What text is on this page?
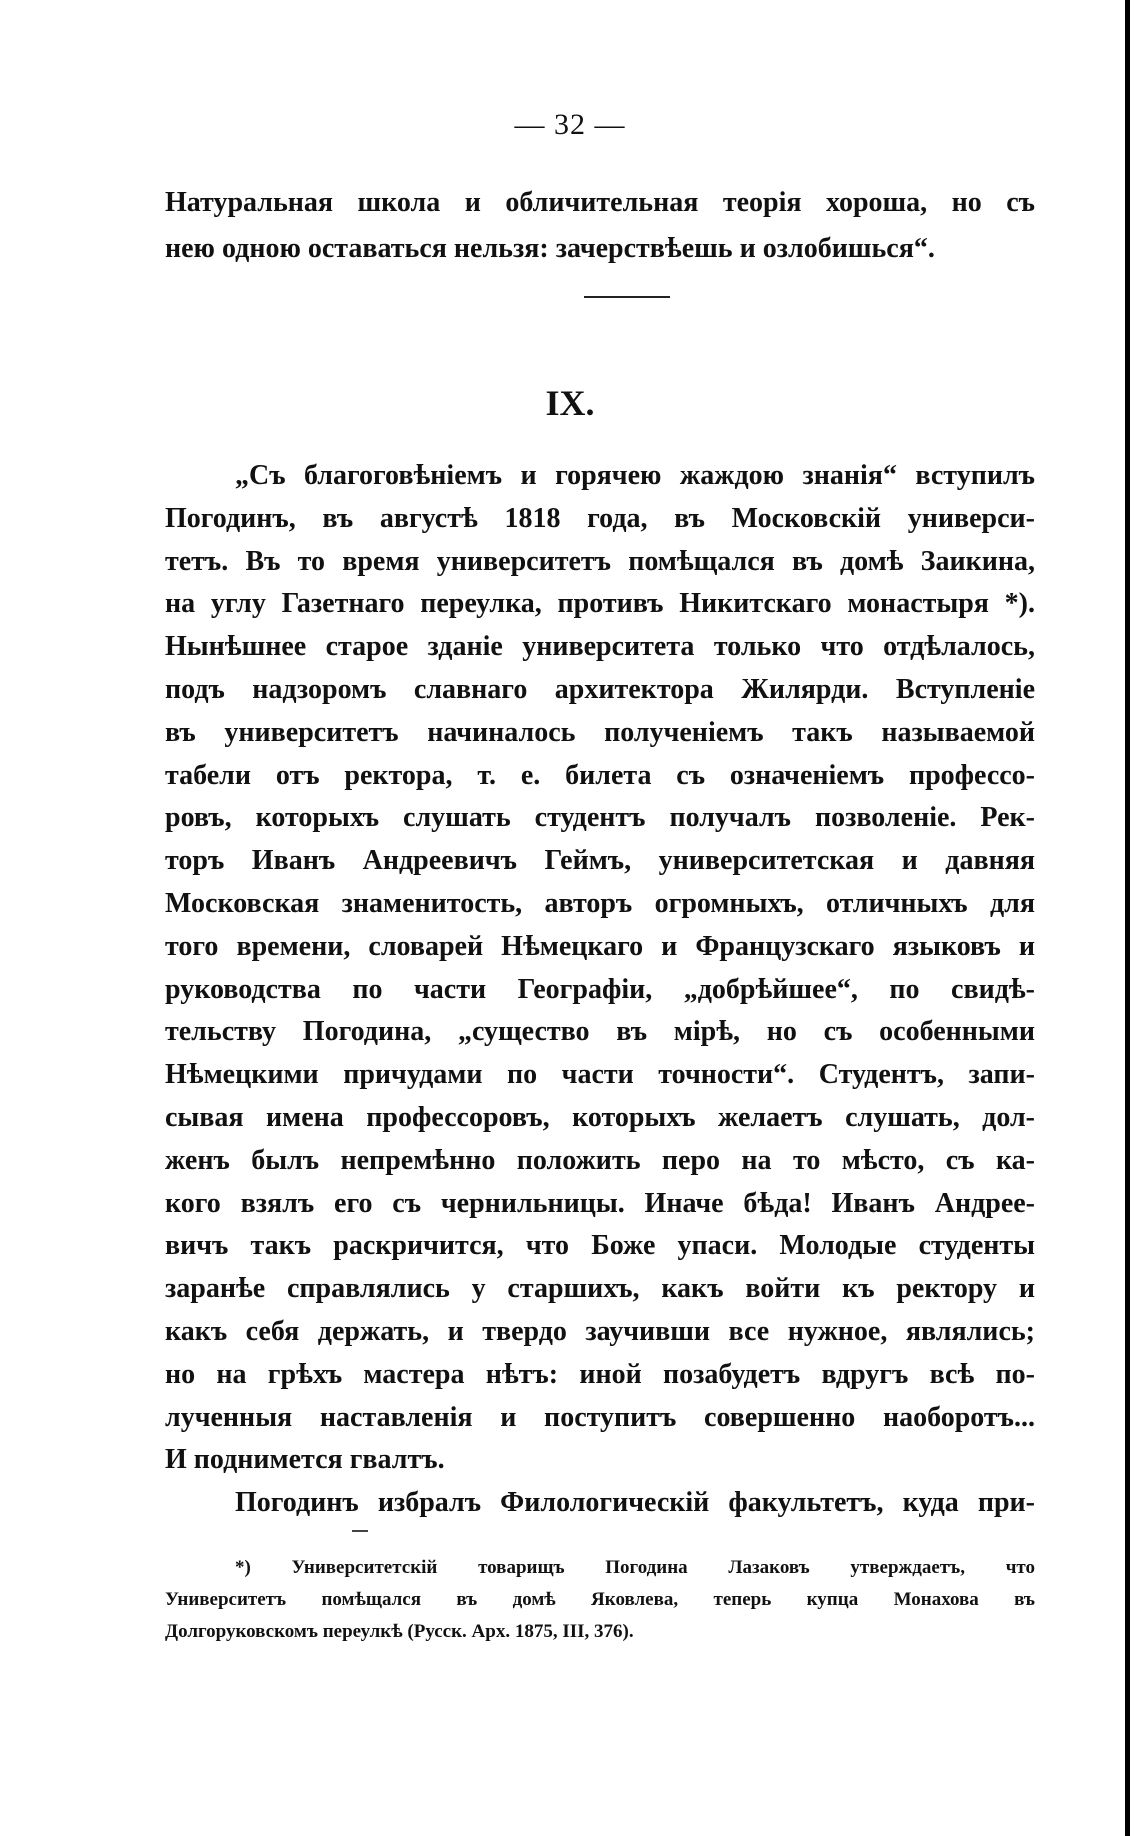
— 32 —
Натуральная школа и обличительная теорія хороша, но съ
нею одною оставаться нельзя: зачерствѣешь и озлобишься“.
IX.
„Съ благоговѣніемъ и горячею жаждою знанія“ вступилъ
Погодинъ, въ августѣ 1818 года, въ Московскій универси-
тетъ. Въ то время университетъ помѣщался въ домѣ Заикина,
на углу Газетнаго переулка, противъ Никитскаго монастыря *).
Нынѣшнее старое зданіе университета только что отдѣлалось,
подъ надзоромъ славнаго архитектора Жилярди. Вступленіе
въ университетъ начиналось полученіемъ такъ называемой
табели отъ ректора, т. е. билета съ означеніемъ профессо-
ровъ, которыхъ слушать студентъ получалъ позволеніе. Рек-
торъ Иванъ Андреевичъ Геймъ, университетская и давняя
Московская знаменитость, авторъ огромныхъ, отличныхъ для
того времени, словарей Нѣмецкаго и Французскаго языковъ и
руководства по части Географіи, „добрѣйшее“, по свидѣ-
тельству Погодина, „существо въ мірѣ, но съ особенными
Нѣмецкими причудами по части точности“. Студентъ, запи-
сывая имена профессоровъ, которыхъ желаетъ слушать, дол-
женъ былъ непремѣнно положить перо на то мѣсто, съ ка-
кого взялъ его съ чернильницы. Иначе бѣда! Иванъ Андрее-
вичъ такъ раскричится, что Боже упаси. Молодые студенты
заранѣе справлялись у старшихъ, какъ войти къ ректору и
какъ себя держать, и твердо заучивши все нужное, являлись;
но на грѣхъ мастера нѣтъ: иной позабудетъ вдругъ всѣ по-
лученныя наставленія и поступитъ совершенно наоборотъ...
И поднимется гвалтъ.
Погодинъ избралъ Филологическій факультетъ, куда при-
*) Университетскій товарищъ Погодина Лазаковъ утверждаетъ, что
Университетъ помѣщался въ домѣ Яковлева, теперь купца Монахова въ
Долгоруковскомъ переулкѣ (Русск. Арх. 1875, III, 376).
